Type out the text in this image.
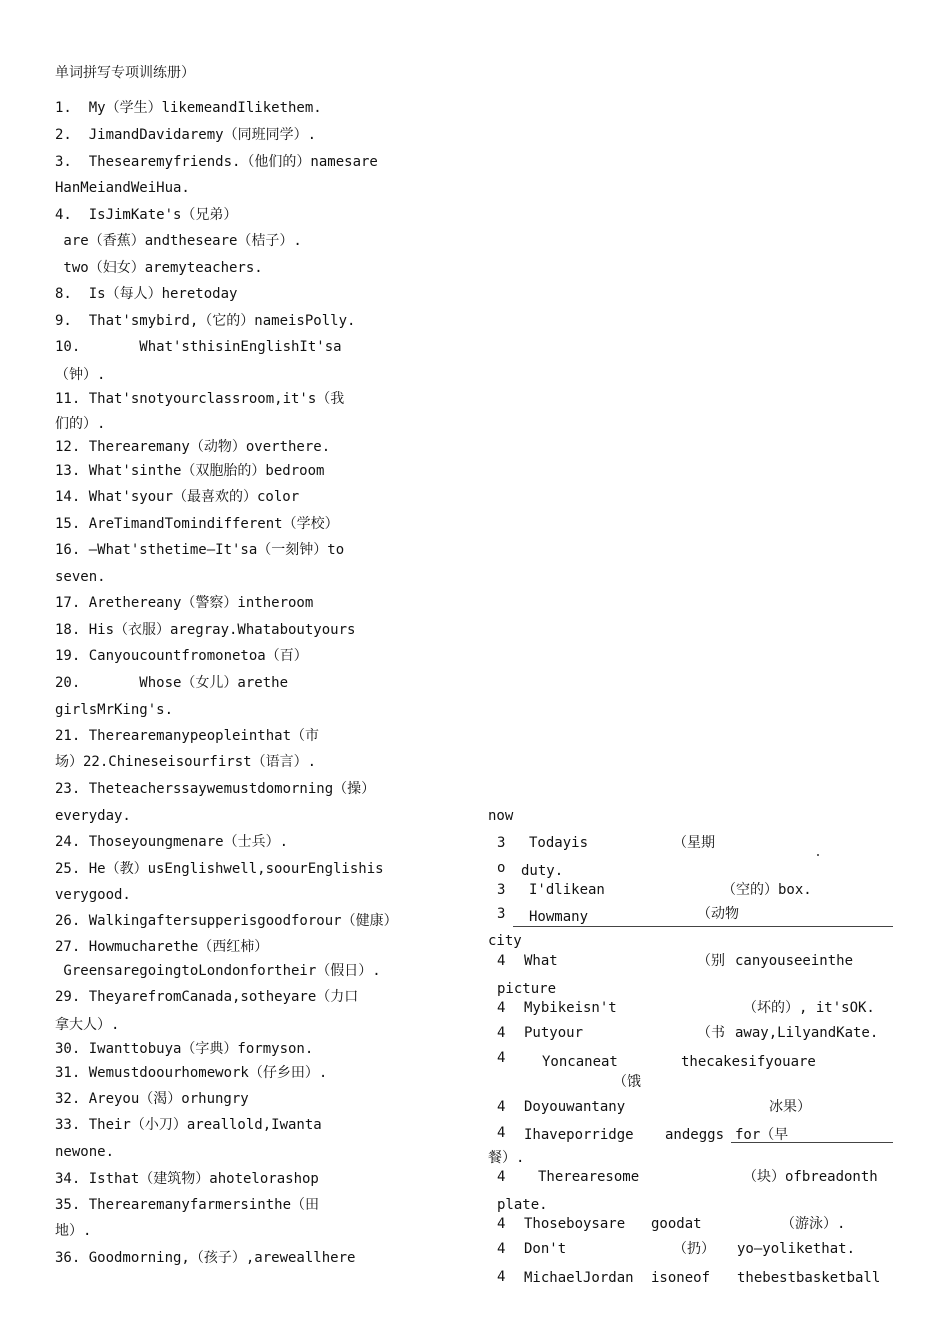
单词拼写专项训练册）
1.  My（学生）likemeandIlikethem.
2.  JimandDavidaremy（同班同学）.
3.  Thesearemyfriends.（他们的）namesare
HanMeiandWeiHua.
4.  IsJimKate's（兄弟）
are（香蕉）andtheseare（桔子）.
two（妇女）aremyteachers.
8.  Is（每人）heretoday
9.  That'smybird,（它的）nameisPolly.
10.       What'sthisinEnglishIt'sa
（钟）.
11. That'snotyourclassroom,it's（我
们的）.
12. Therearemany（动物）overthere.
13. What'sinthe（双胞胎的）bedroom
14. What'syour（最喜欢的）color
15. AreTimandTomindifferent（学校）
16. —What'sthetime—It'sa（一刻钟）to
seven.
17. Arethereany（警察）intheroom
18. His（衣服）aregray.Whataboutyours
19. Canyoucountfromonetoa（百）
20.       Whose（女儿）arethe
girlsMrKing's.
21. Therearemanypeopleinthat（市
场）22.Chineseisourfirst（语言）.
23. Theteacherssaywemustdomorning（操）
everyday.
24. Thoseyoungmenare（士兵）.
25. He（教）usEnglishwell,soourEnglishis
verygood.
26. Walkingaftersupperisgoodforour（健康）
27. Howmucharethe（西红柿）
GreensaregoingtoLondonfortheir（假日）.
29. TheyarefromCanada,sotheyare（力口
拿大人）.
30. Iwanttobuya（字典）formyson.
31. Wemustdoourhomework（仔乡田）.
32. Areyou（渴）orhungry
33. Their（小刀）areallold,Iwanta
newone.
34. Isthat（建筑物）ahotelorashop
35. Therearemanyfarmersinthe（田
地）.
36. Goodmorning,（孩子）,areweallhere
now
3 Todayis	（星期
o duty.
3 I'dlikean	（空的）box.
3 Howmany	（动物
city
4 What	（别 canyouseeinthe
picture
4 Mybikeisn't	（坏的）, it'sOK.
4 Putyour	（书 away,LilyandKate.
4	Yoncaneat	thecakesifyouare
（饿
4 Doyouwantany	冰果）
4 Ihaveporridge andeggs for（早
餐）.
4 Therearesome	（块）ofbreadonth
plate.
4 Thoseboysare goodat	（游泳）.
4 Don't	（扔） yo—yolikethat.
4 MichaelJordan isoneof thebestbasketball
